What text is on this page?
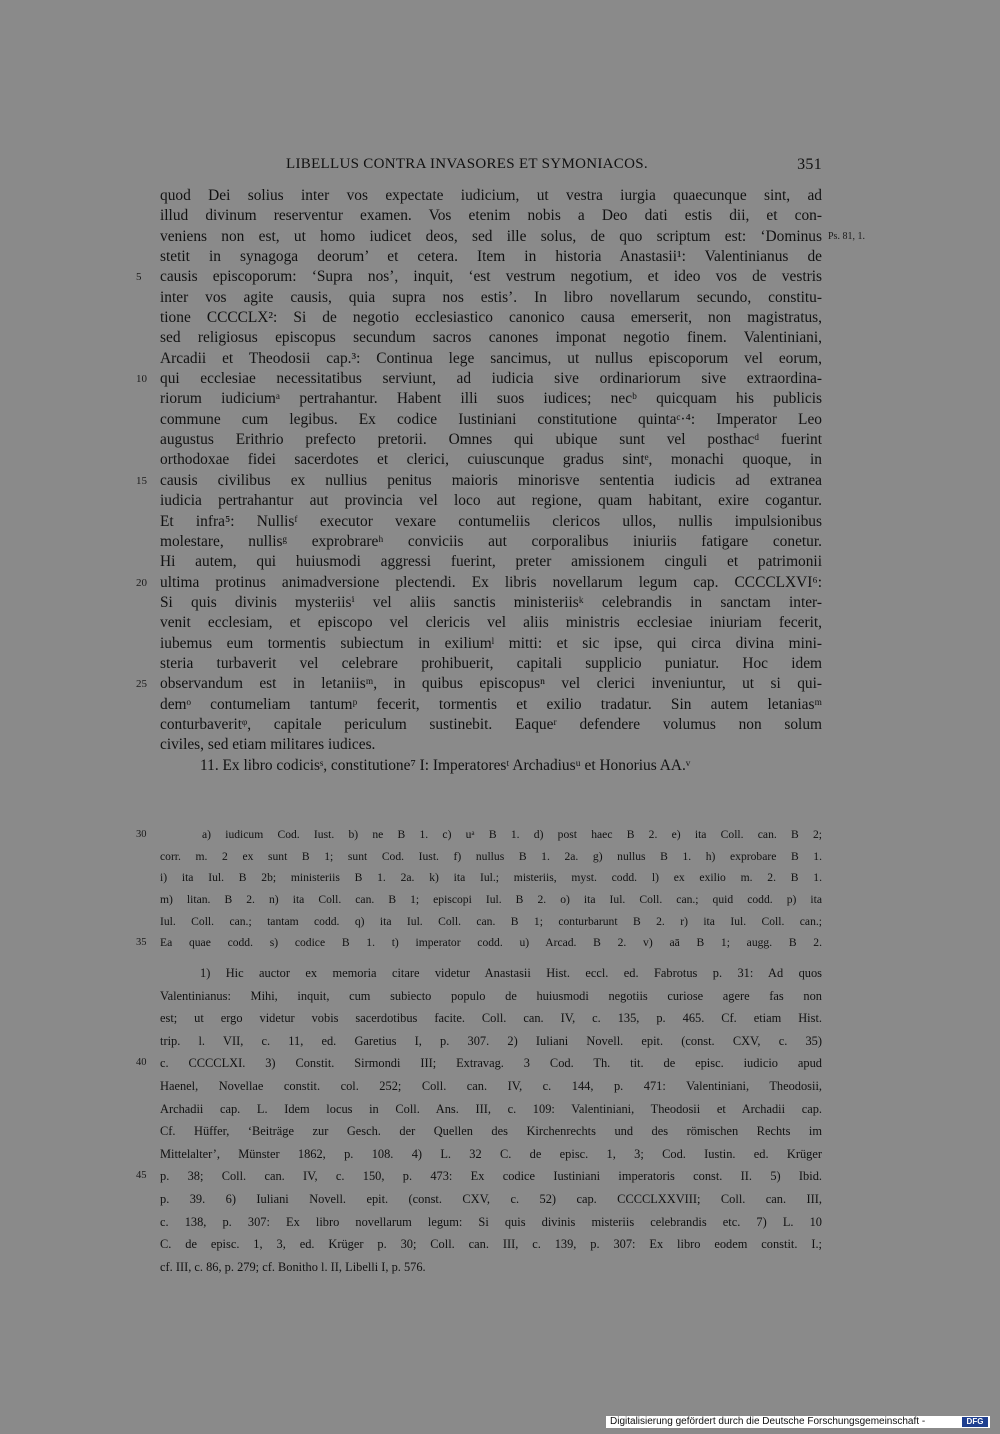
LIBELLUS CONTRA INVASORES ET SYMONIACOS.	351
quod Dei solius inter vos expectate iudicium, ut vestra iurgia quaecunque sint, ad
illud divinum reserventur examen. Vos etenim nobis a Deo dati estis dii, et con-
veniens non est, ut homo iudicet deos, sed ille solus, de quo scriptum est: ‘Dominus Ps. 81, 1.
stetit in synagoga deorum’ et cetera. Item in historia Anastasii¹: Valentinianus de
5	causis episcoporum: ‘Supra nos’, inquit, ‘est vestrum negotium, et ideo vos de vestris
inter vos agite causis, quia supra nos estis’. In libro novellarum secundo, constitu-
tione CCCCLX²: Si de negotio ecclesiastico canonico causa emerserit, non magistratus,
sed religiosus episcopus secundum sacros canones imponat negotio finem. Valentiniani,
Arcadii et Theodosii cap.³: Continua lege sancimus, ut nullus episcoporum vel eorum,
10 qui ecclesiae necessitatibus serviunt, ad iudicia sive ordinariorum sive extraordina-
riorum iudiciumᵃ pertrahantur. Habent illi suos iudices; necᵇ quicquam his publicis
commune cum legibus. Ex codice Iustiniani constitutione quintaᶜ·⁴: Imperator Leo
augustus Erithrio prefecto pretorii. Omnes qui ubique sunt vel posthacᵈ fuerint
orthodoxae fidei sacerdotes et clerici, cuiuscunque gradus sintᵉ, monachi quoque, in
15 causis civilibus ex nullius penitus maioris minorisve sententia iudicis ad extranea
iudicia pertrahantur aut provincia vel loco aut regione, quam habitant, exire cogantur.
Et infra⁵: Nullisᶠ executor vexare contumeliis clericos ullos, nullis impulsionibus
molestare, nullisᵍ exprobrareʰ conviciis aut corporalibus iniuriis fatigare conetur.
Hi autem, qui huiusmodi aggressi fuerint, preter amissionem cinguli et patrimonii
20 ultima protinus animadversione plectendi. Ex libris novellarum legum cap. CCCCLXVI⁶:
Si quis divinis mysteriisⁱ vel aliis sanctis ministeriisᵏ celebrandis in sanctam inter-
venit ecclesiam, et episcopo vel clericis vel aliis ministris ecclesiae iniuriam fecerit,
iubemus eum tormentis subiectum in exiliumˡ mitti: et sic ipse, qui circa divina mini-
steria turbaverit vel celebrare prohibuerit, capitali supplicio puniatur. Hoc idem
25 observandum est in letaniisᵐ, in quibus episcopusⁿ vel clerici inveniuntur, ut si qui-
demᵒ contumeliam tantumᵖ fecerit, tormentis et exilio tradatur. Sin autem letaniasᵐ
conturbaveritᵠ, capitale periculum sustinebit. Eaqueʳ defendere volumus non solum
civiles, sed etiam militares iudices.
11. Ex libro codicisˢ, constitutione⁷ I: Imperatoresᵗ Archadiusᵘ et Honorius AA.ᵛ
30	a) iudicum Cod. Iust. b) ne B 1. c) uᵃ B 1. d) post haec B 2. e) ita Coll. can. B 2;
corr. m. 2 ex sunt B 1; sunt Cod. Iust. f) nullus B 1. 2a. g) nullus B 1. h) exprobare B 1.
i) ita Iul. B 2b; ministeriis B 1. 2a. k) ita Iul.; misteriis, myst. codd. l) ex exilio m. 2. B 1.
m) litan. B 2. n) ita Coll. can. B 1; episcopi Iul. B 2. o) ita Iul. Coll. can.; quid codd. p) ita
Iul. Coll. can.; tantam codd. q) ita Iul. Coll. can. B 1; conturbarunt B 2. r) ita Iul. Coll. can.;
35	Ea quae codd. s) codice B 1. t) imperator codd. u) Arcad. B 2. v) aā B 1; augg. B 2.
1) Hic auctor ex memoria citare videtur Anastasii Hist. eccl. ed. Fabrotus p. 31: Ad quos
Valentinianus: Mihi, inquit, cum subiecto populo de huiusmodi negotiis curiose agere fas non
est; ut ergo videtur vobis sacerdotibus facite. Coll. can. IV, c. 135, p. 465. Cf. etiam Hist.
trip. l. VII, c. 11, ed. Garetius I, p. 307. 2) Iuliani Novell. epit. (const. CXV, c. 35)
40	c. CCCCLXI. 3) Constit. Sirmondi III; Extravag. 3 Cod. Th. tit. de episc. iudicio apud
Haenel, Novellae constit. col. 252; Coll. can. IV, c. 144, p. 471: Valentiniani, Theodosii,
Archadii cap. L. Idem locus in Coll. Ans. III, c. 109: Valentiniani, Theodosii et Archadii cap.
Cf. Hüffer, ‘Beiträge zur Gesch. der Quellen des Kirchenrechts und des römischen Rechts im
Mittelalter’, Münster 1862, p. 108. 4) L. 32 C. de episc. 1, 3; Cod. Iustin. ed. Krüger
45	p. 38; Coll. can. IV, c. 150, p. 473: Ex codice Iustiniani imperatoris const. II. 5) Ibid.
p. 39. 6) Iuliani Novell. epit. (const. CXV, c. 52) cap. CCCCLXXVIII; Coll. can. III,
c. 138, p. 307: Ex libro novellarum legum: Si quis divinis misteriis celebrandis etc. 7) L. 10
C. de episc. 1, 3, ed. Krüger p. 30; Coll. can. III, c. 139, p. 307: Ex libro eodem constit. I.;
cf. III, c. 86, p. 279; cf. Bonitho l. II, Libelli I, p. 576.
Digitalisierung gefördert durch die Deutsche Forschungsgemeinschaft -	DFG
